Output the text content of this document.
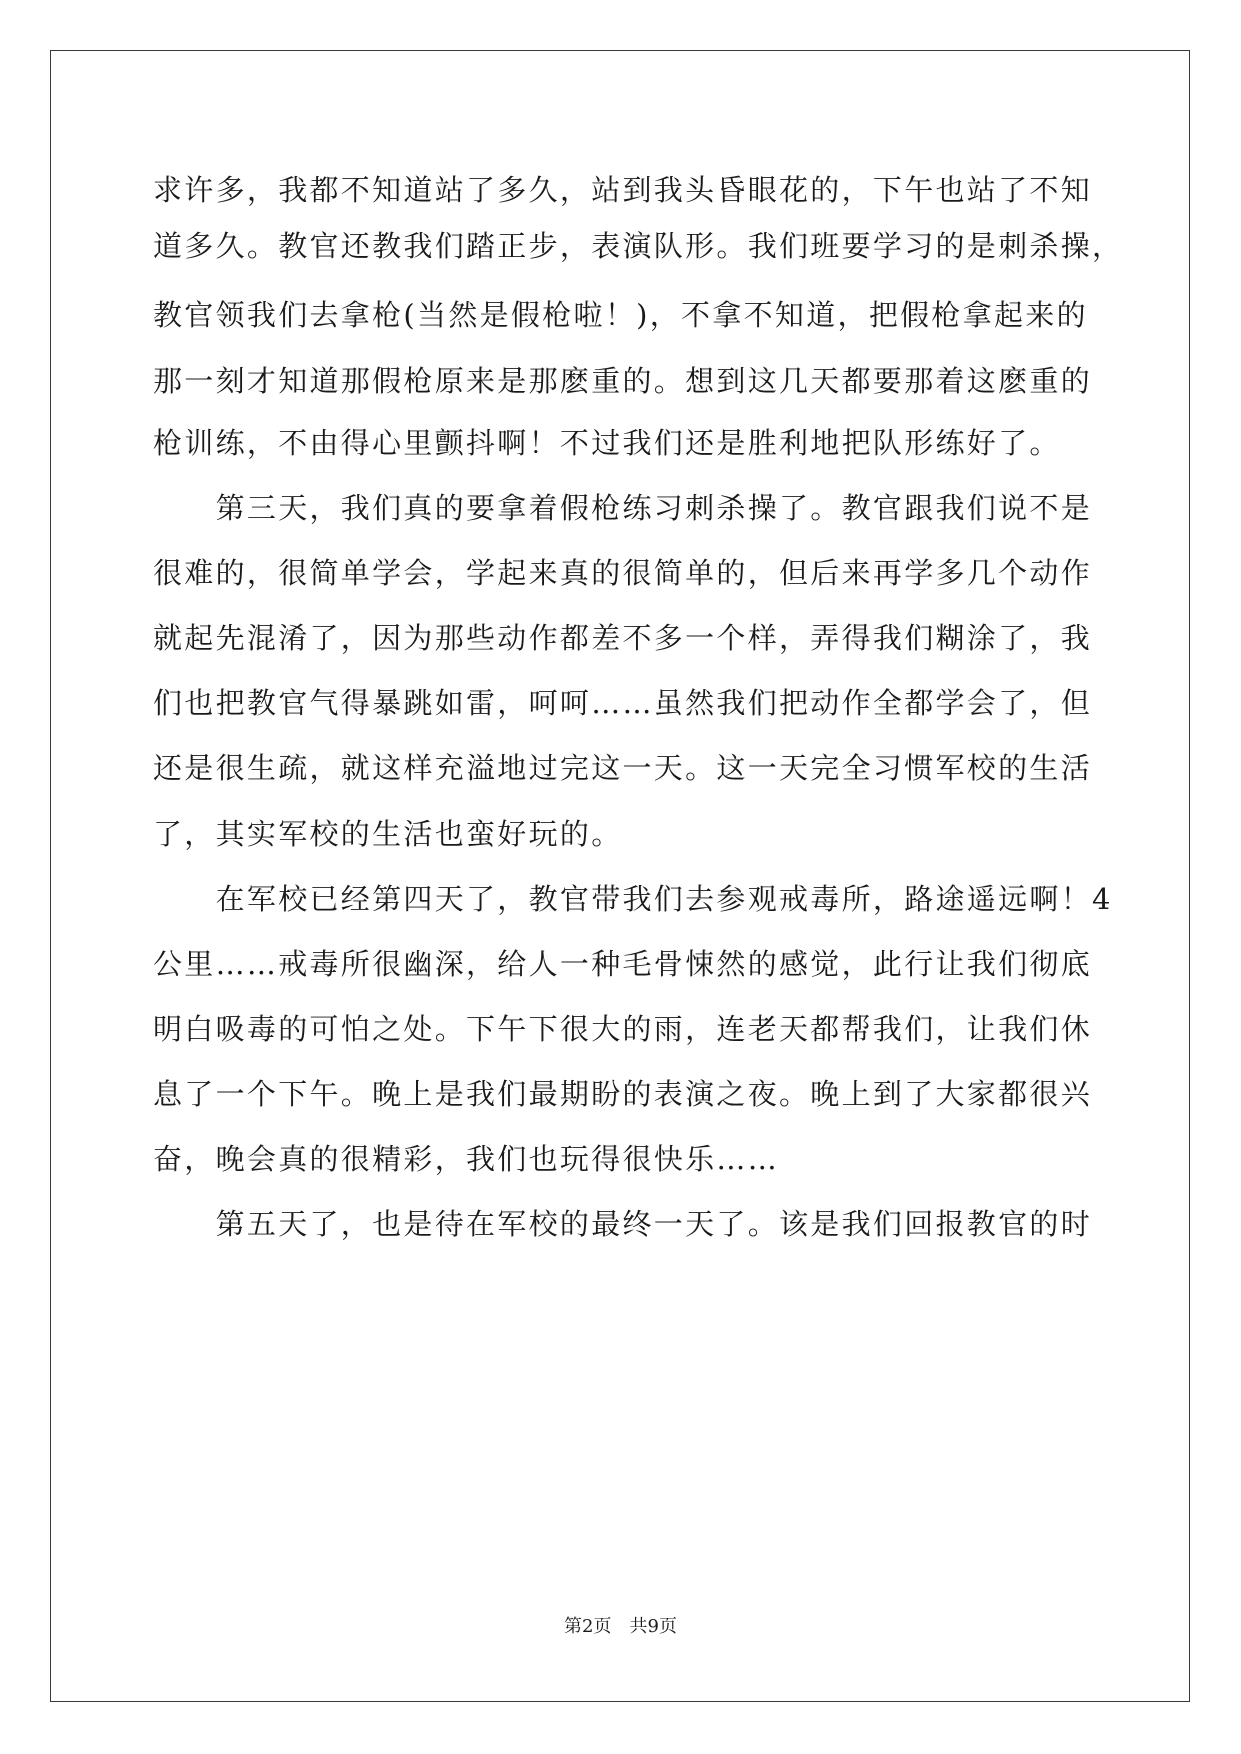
求许多，我都不知道站了多久，站到我头昏眼花的，下午也站了不知
道多久。教官还教我们踏正步，表演队形。我们班要学习的是刺杀操，
教官领我们去拿枪(当然是假枪啦！)，不拿不知道，把假枪拿起来的
那一刻才知道那假枪原来是那麽重的。想到这几天都要那着这麽重的
枪训练，不由得心里颤抖啊！不过我们还是胜利地把队形练好了。
　　第三天，我们真的要拿着假枪练习刺杀操了。教官跟我们说不是
很难的，很简单学会，学起来真的很简单的，但后来再学多几个动作
就起先混淆了，因为那些动作都差不多一个样，弄得我们糊涂了，我
们也把教官气得暴跳如雷，呵呵……虽然我们把动作全都学会了，但
还是很生疏，就这样充溢地过完这一天。这一天完全习惯军校的生活
了，其实军校的生活也蛮好玩的。
　　在军校已经第四天了，教官带我们去参观戒毒所，路途遥远啊！4
公里……戒毒所很幽深，给人一种毛骨悚然的感觉，此行让我们彻底
明白吸毒的可怕之处。下午下很大的雨，连老天都帮我们，让我们休
息了一个下午。晚上是我们最期盼的表演之夜。晚上到了大家都很兴
奋，晚会真的很精彩，我们也玩得很快乐……
　　第五天了，也是待在军校的最终一天了。该是我们回报教官的时
第2页　共9页
